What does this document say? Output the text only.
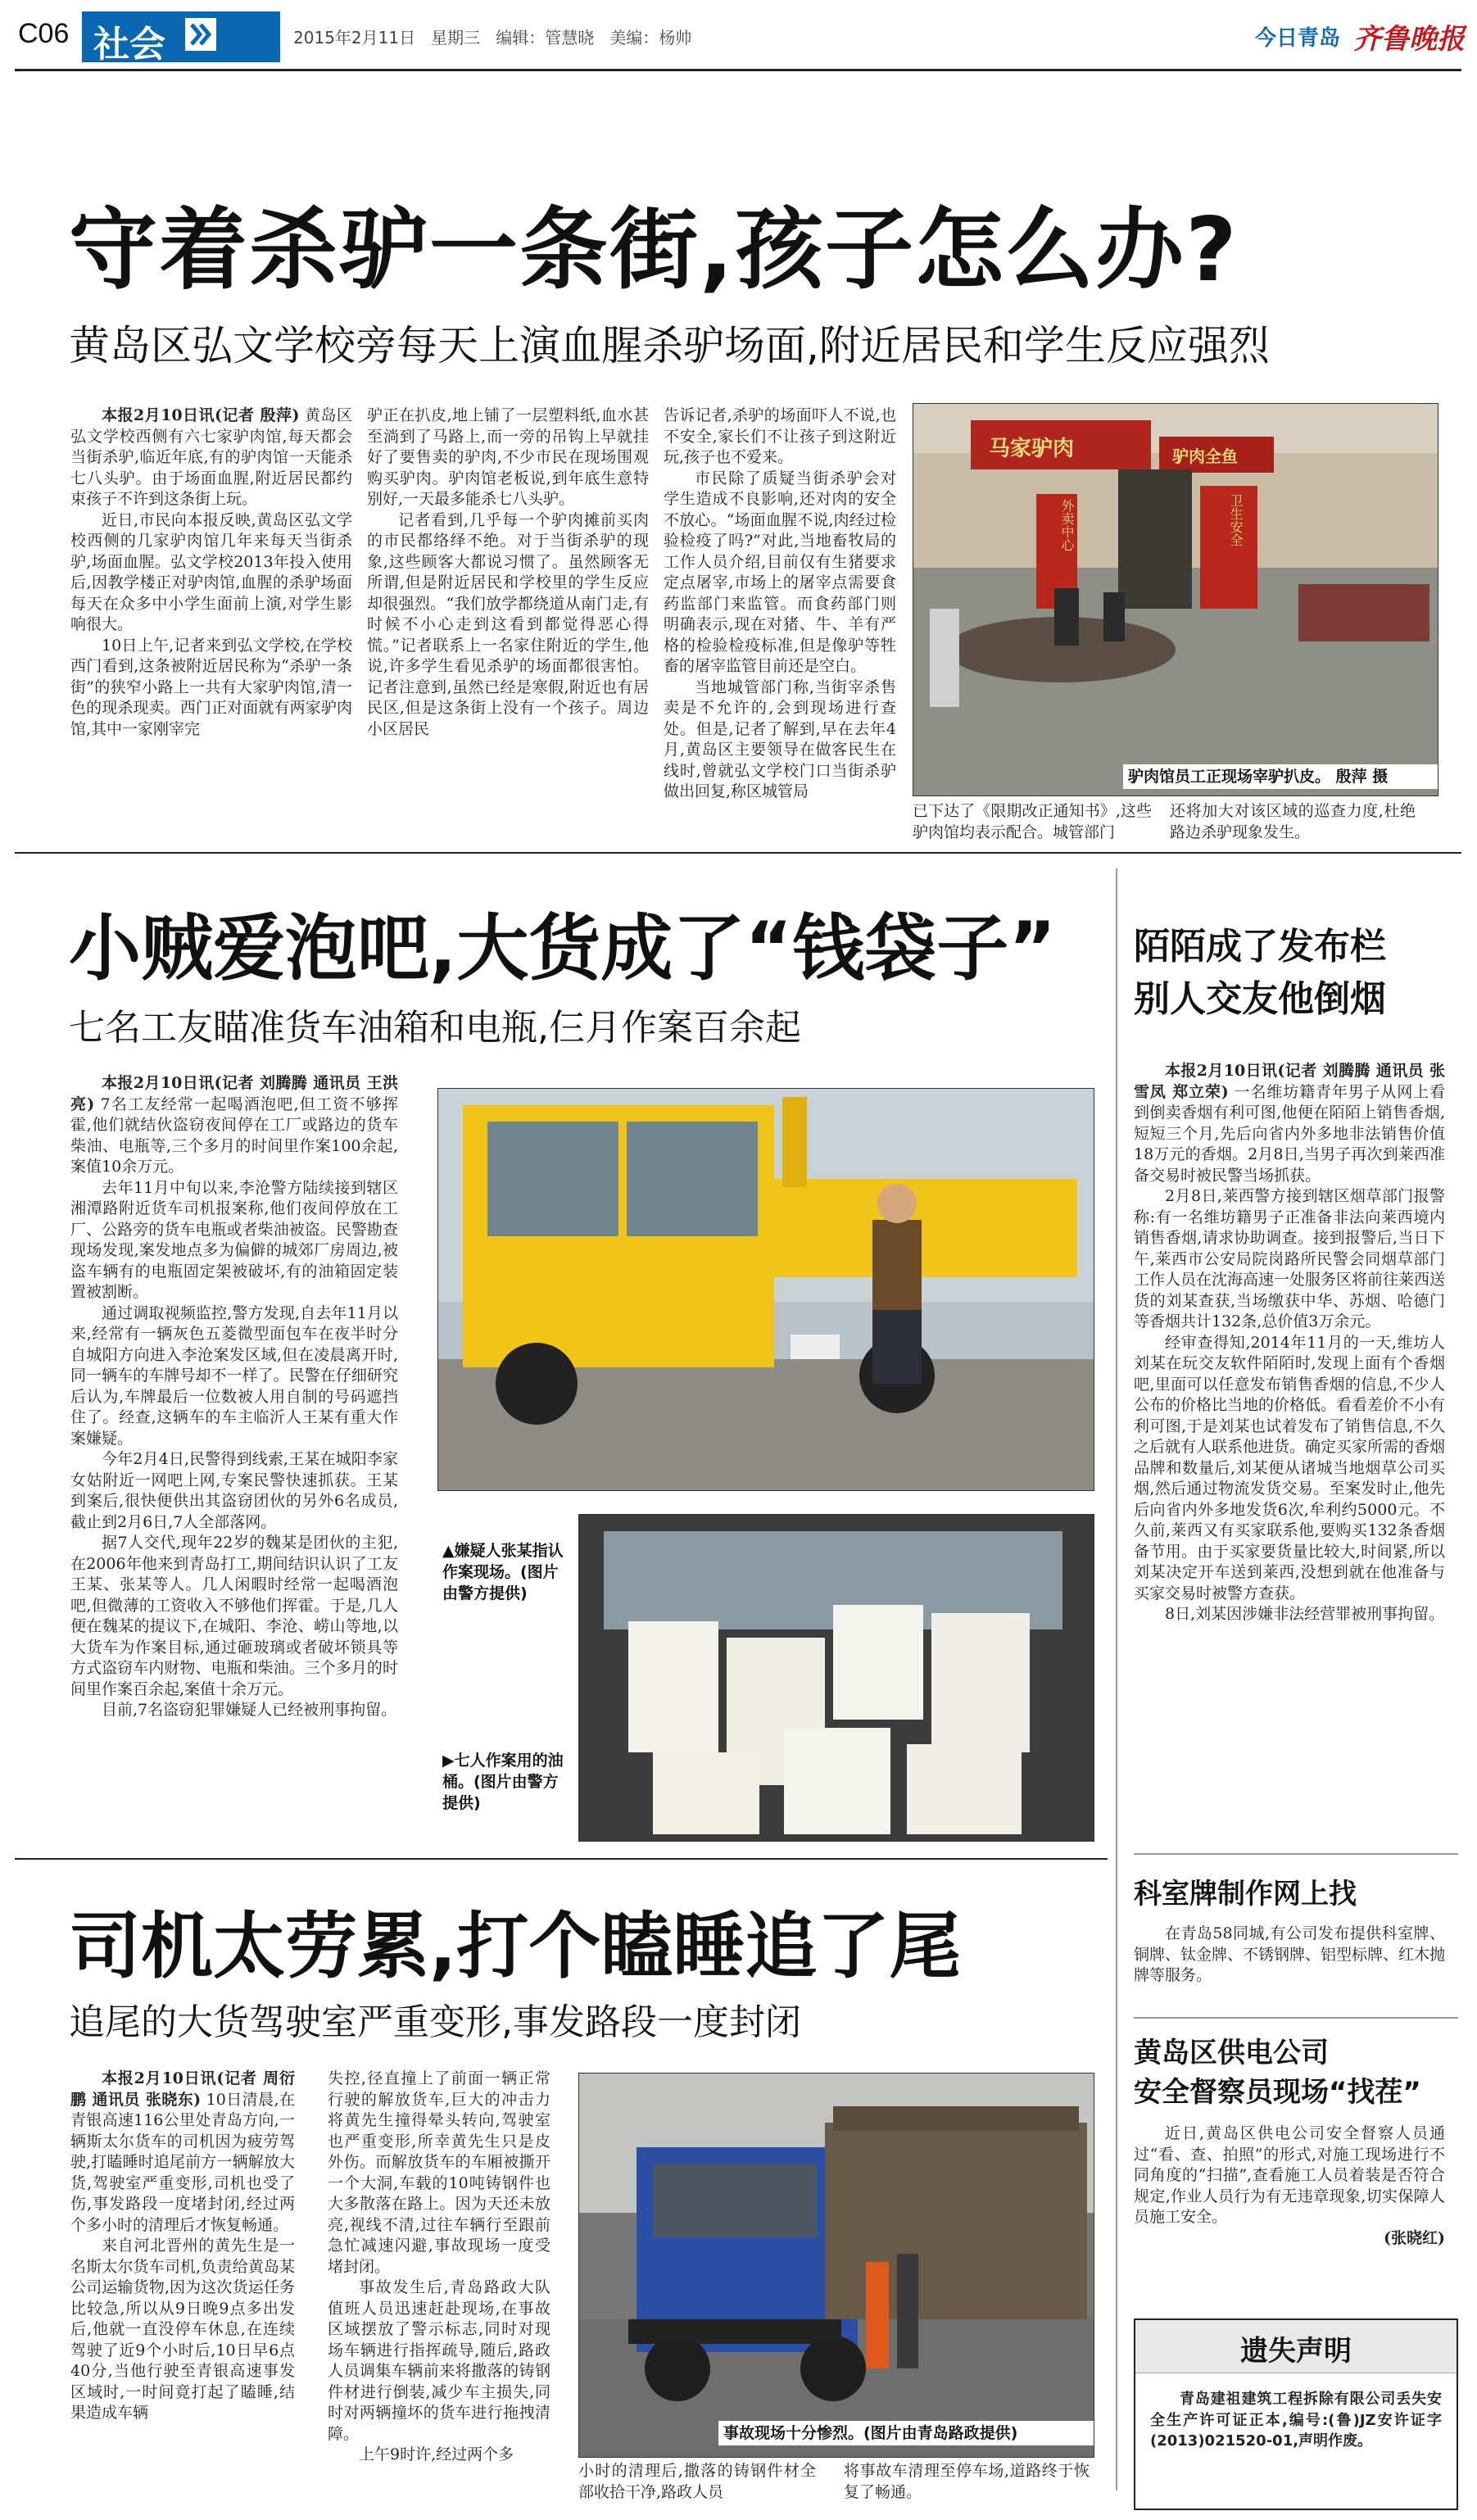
C06 社会	2015年2月11日 星期三 编辑：管慧晓 美编：杨帅	今日青岛 齐鲁晚报
守着杀驴一条街,孩子怎么办?
黄岛区弘文学校旁每天上演血腥杀驴场面,附近居民和学生反应强烈

本报2月10日讯(记者 殷萍) 黄岛区弘文学校西侧有六七家驴肉馆,每天都会当街杀驴,临近年底,有的驴肉馆一天能杀七八头驴。由于场面血腥,附近居民都约束孩子不许到这条街上玩。

近日,市民向本报反映,黄岛区弘文学校西侧的几家驴肉馆几年来每天当街杀驴,场面血腥。弘文学校2013年投入使用后,因教学楼正对驴肉馆,血腥的杀驴场面每天在众多中小学生面前上演,对学生影响很大。

10日上午,记者来到弘文学校,在学校西门看到,这条被附近居民称为“杀驴一条街”的狭窄小路上一共有大家驴肉馆,清一色的现杀现卖。西门正对面就有两家驴肉馆,其中一家刚宰完

驴正在扒皮,地上铺了一层塑料纸,血水甚至淌到了马路上,而一旁的吊钩上早就挂好了要售卖的驴肉,不少市民在现场围观购买驴肉。驴肉馆老板说,到年底生意特别好,一天最多能杀七八头驴。

记者看到,几乎每一个驴肉摊前买肉的市民都络绎不绝。对于当街杀驴的现象,这些顾客大都说习惯了。虽然顾客无所谓,但是附近居民和学校里的学生反应却很强烈。“我们放学都绕道从南门走,有时候不小心走到这看到都觉得恶心得慌。”记者联系上一名家住附近的学生,他说,许多学生看见杀驴的场面都很害怕。记者注意到,虽然已经是寒假,附近也有居民区,但是这条街上没有一个孩子。周边小区居民

告诉记者,杀驴的场面吓人不说,也不安全,家长们不让孩子到这附近玩,孩子也不爱来。

市民除了质疑当街杀驴会对学生造成不良影响,还对肉的安全不放心。“场面血腥不说,肉经过检验检疫了吗?”对此,当地畜牧局的工作人员介绍,目前仅有生猪要求定点屠宰,市场上的屠宰点需要食药监部门来监管。而食药部门则明确表示,现在对猪、牛、羊有严格的检验检疫标准,但是像驴等牲畜的屠宰监管目前还是空白。

当地城管部门称,当街宰杀售卖是不允许的,会到现场进行查处。但是,记者了解到,早在去年4月,黄岛区主要领导在做客民生在线时,曾就弘文学校门口当街杀驴做出回复,称区城管局

已下达了《限期改正通知书》,这些驴肉馆均表示配合。城管部门

还将加大对该区域的巡查力度,杜绝路边杀驴现象发生。

马家驴肉	驴肉全鱼
外卖中心	卫生安全
驴肉馆员工正现场宰驴扒皮。 殷萍 摄
小贼爱泡吧,大货成了“钱袋子”
七名工友瞄准货车油箱和电瓶,仨月作案百余起

本报2月10日讯(记者 刘腾腾 通讯员 王洪亮) 7名工友经常一起喝酒泡吧,但工资不够挥霍,他们就结伙盗窃夜间停在工厂或路边的货车柴油、电瓶等,三个多月的时间里作案100余起,案值10余万元。

去年11月中旬以来,李沧警方陆续接到辖区湘潭路附近货车司机报案称,他们夜间停放在工厂、公路旁的货车电瓶或者柴油被盗。民警勘查现场发现,案发地点多为偏僻的城郊厂房周边,被盗车辆有的电瓶固定架被破坏,有的油箱固定装置被割断。

通过调取视频监控,警方发现,自去年11月以来,经常有一辆灰色五菱微型面包车在夜半时分自城阳方向进入李沧案发区域,但在凌晨离开时,同一辆车的车牌号却不一样了。民警在仔细研究后认为,车牌最后一位数被人用自制的号码遮挡住了。经查,这辆车的车主临沂人王某有重大作案嫌疑。

今年2月4日,民警得到线索,王某在城阳李家女姑附近一网吧上网,专案民警快速抓获。王某到案后,很快便供出其盗窃团伙的另外6名成员,截止到2月6日,7人全部落网。

据7人交代,现年22岁的魏某是团伙的主犯,在2006年他来到青岛打工,期间结识认识了工友王某、张某等人。几人闲暇时经常一起喝酒泡吧,但微薄的工资收入不够他们挥霍。于是,几人便在魏某的提议下,在城阳、李沧、崂山等地,以大货车为作案目标,通过砸玻璃或者破坏锁具等方式盗窃车内财物、电瓶和柴油。三个多月的时间里作案百余起,案值十余万元。

目前,7名盗窃犯罪嫌疑人已经被刑事拘留。

▲嫌疑人张某指认作案现场。(图片由警方提供)
▶七人作案用的油桶。(图片由警方提供)
陌陌成了发布栏
别人交友他倒烟

本报2月10日讯(记者 刘腾腾 通讯员 张雪凤 郑立荣) 一名维坊籍青年男子从网上看到倒卖香烟有利可图,他便在陌陌上销售香烟,短短三个月,先后向省内外多地非法销售价值18万元的香烟。2月8日,当男子再次到莱西准备交易时被民警当场抓获。

2月8日,莱西警方接到辖区烟草部门报警称:有一名维坊籍男子正准备非法向莱西境内销售香烟,请求协助调查。接到报警后,当日下午,莱西市公安局院岗路所民警会同烟草部门工作人员在沈海高速一处服务区将前往莱西送货的刘某查获,当场缴获中华、苏烟、哈德门等香烟共计132条,总价值3万余元。

经审查得知,2014年11月的一天,维坊人刘某在玩交友软件陌陌时,发现上面有个香烟吧,里面可以任意发布销售香烟的信息,不少人公布的价格比当地的价格低。看看差价不小有利可图,于是刘某也试着发布了销售信息,不久之后就有人联系他进货。确定买家所需的香烟品牌和数量后,刘某便从诸城当地烟草公司买烟,然后通过物流发货交易。至案发时止,他先后向省内外多地发货6次,牟利约5000元。不久前,莱西又有买家联系他,要购买132条香烟备节用。由于买家要货量比较大,时间紧,所以刘某决定开车送到莱西,没想到就在他准备与买家交易时被警方查获。

8日,刘某因涉嫌非法经营罪被刑事拘留。

科室牌制作网上找

在青岛58同城,有公司发布提供科室牌、铜牌、钛金牌、不锈钢牌、铝型标牌、红木抛牌等服务。

黄岛区供电公司
安全督察员现场“找茬”

近日,黄岛区供电公司安全督察人员通过“看、查、拍照”的形式,对施工现场进行不同角度的“扫描”,查看施工人员着装是否符合规定,作业人员行为有无违章现象,切实保障人员施工安全。

(张晓红)
遗失声明

青岛建祖建筑工程拆除有限公司丢失安全生产许可证正本,编号:(鲁)JZ安许证字(2013)021520-01,声明作废。

司机太劳累,打个瞌睡追了尾
追尾的大货驾驶室严重变形,事发路段一度封闭

本报2月10日讯(记者 周衍鹏 通讯员 张晓东) 10日清晨,在青银高速116公里处青岛方向,一辆斯太尔货车的司机因为疲劳驾驶,打瞌睡时追尾前方一辆解放大货,驾驶室严重变形,司机也受了伤,事发路段一度堵封闭,经过两个多小时的清理后才恢复畅通。

来自河北晋州的黄先生是一名斯太尔货车司机,负责给黄岛某公司运输货物,因为这次货运任务比较急,所以从9日晚9点多出发后,他就一直没停车休息,在连续驾驶了近9个小时后,10日早6点40分,当他行驶至青银高速事发区域时,一时间竟打起了瞌睡,结果造成车辆

失控,径直撞上了前面一辆正常行驶的解放货车,巨大的冲击力将黄先生撞得晕头转向,驾驶室也严重变形,所幸黄先生只是皮外伤。而解放货车的车厢被撕开一个大洞,车载的10吨铸钢件也大多散落在路上。因为天还未放亮,视线不清,过往车辆行至跟前急忙减速闪避,事故现场一度受堵封闭。

事故发生后,青岛路政大队值班人员迅速赶赴现场,在事故区域摆放了警示标志,同时对现场车辆进行指挥疏导,随后,路政人员调集车辆前来将撒落的铸钢件材进行倒装,减少车主损失,同时对两辆撞坏的货车进行拖拽清障。

上午9时许,经过两个多

事故现场十分惨烈。(图片由青岛路政提供)

小时的清理后,撒落的铸钢件材全部收拾干净,路政人员

将事故车清理至停车场,道路终于恢复了畅通。
